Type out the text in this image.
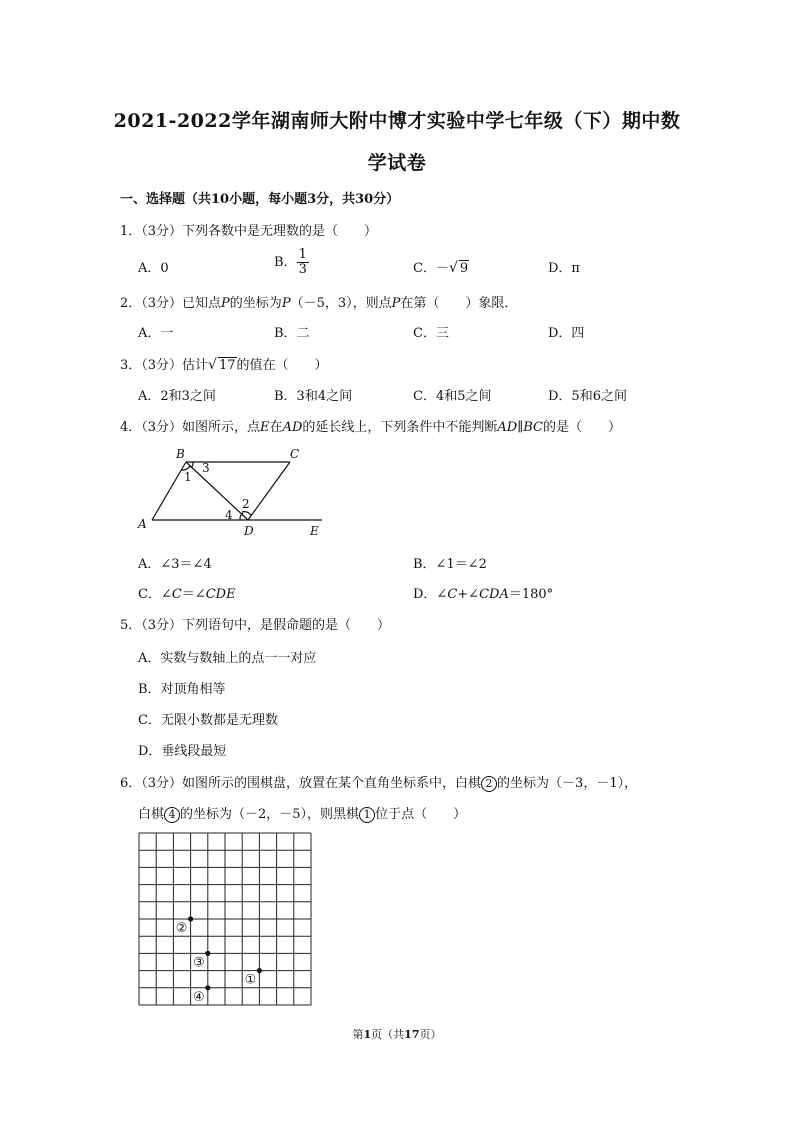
2021-2022学年湖南师大附中博才实验中学七年级（下）期中数
学试卷
一、选择题（共10小题，每小题3分，共30分）
1．（3分）下列各数中是无理数的是（　　）
A．0	B． $\frac{1}{3}$	C．－√ 9	D．π
2．（3分）已知点P的坐标为P（－5，3），则点P在第（　　）象限．
A．一	B．二	C．三	D．四
3．（3分）估计√ 17的值在（　　）
A．2和3之间	B．3和4之间	C．4和5之间	D．5和6之间
4．（3分）如图所示，点E在AD的延长线上，下列条件中不能判断AD∥BC的是（　　）
A
B	C
D	E
1
2
3
4
A．∠3＝∠4	B．∠1＝∠2
C．∠C＝∠CDE	D．∠C+∠CDA＝180°
5．（3分）下列语句中，是假命题的是（　　）
A．实数与数轴上的点一一对应
B．对顶角相等
C．无限小数都是无理数
D．垂线段最短
6．（3分）如图所示的围棋盘，放置在某个直角坐标系中，白棋 2 的坐标为（－3，－1），
白棋 4 的坐标为（－2，－5），则黑棋 1 位于点（　　）
②
③
①
④
第1页（共17页）
